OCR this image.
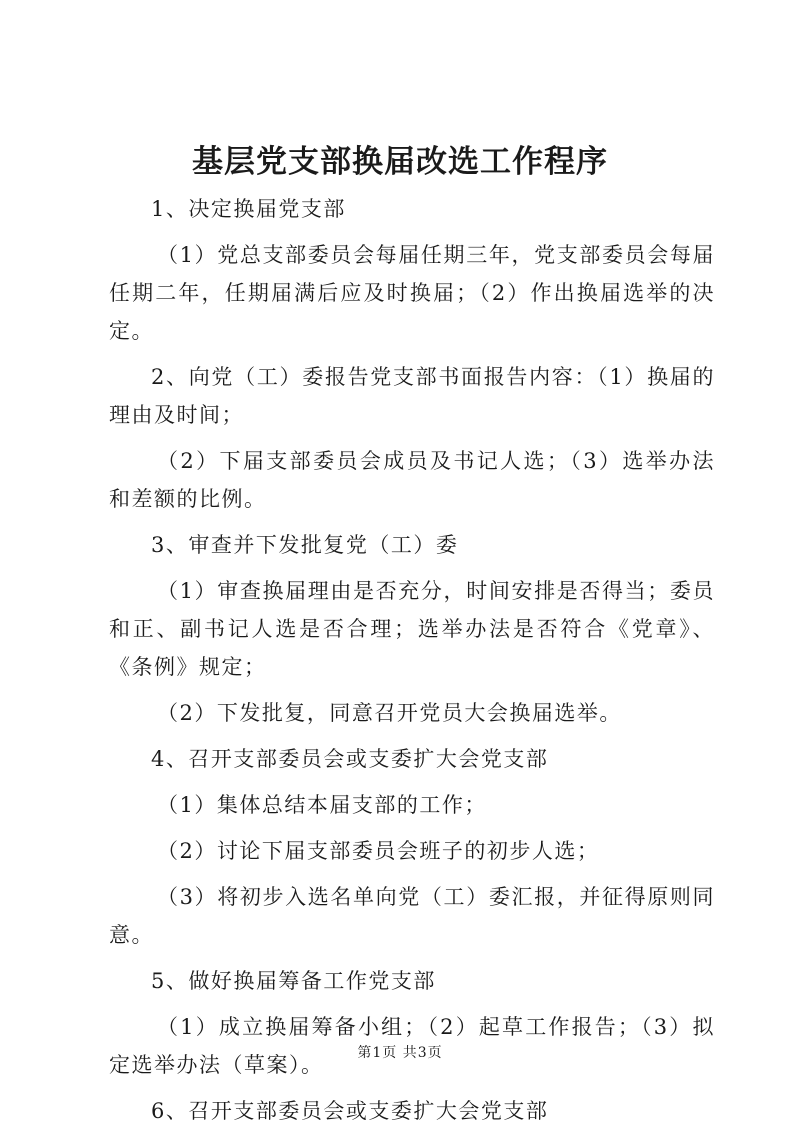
基层党支部换届改选工作程序

1、决定换届党支部

（1）党总支部委员会每届任期三年，党支部委员会每届任期二年，任期届满后应及时换届；（2）作出换届选举的决定。

2、向党（工）委报告党支部书面报告内容：（1）换届的理由及时间；

（2）下届支部委员会成员及书记人选；（3）选举办法和差额的比例。

3、审查并下发批复党（工）委

（1）审查换届理由是否充分，时间安排是否得当；委员和正、副书记人选是否合理；选举办法是否符合《党章》、《条例》规定；

（2）下发批复，同意召开党员大会换届选举。

4、召开支部委员会或支委扩大会党支部

（1）集体总结本届支部的工作；

（2）讨论下届支部委员会班子的初步人选；

（3）将初步入选名单向党（工）委汇报，并征得原则同意。

5、做好换届筹备工作党支部

（1）成立换届筹备小组；（2）起草工作报告；（3）拟定选举办法（草案）。

6、召开支部委员会或支委扩大会党支部

第1页 共3页
